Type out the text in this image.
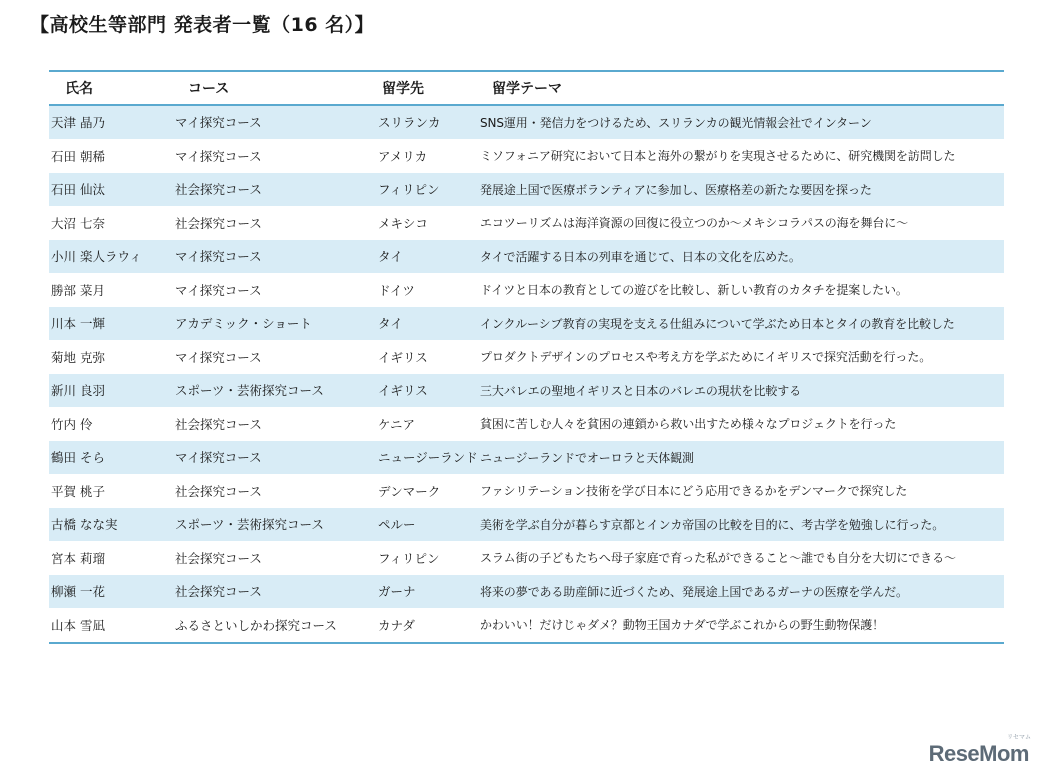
【高校生等部門 発表者一覧（16 名）】
氏名	コース	留学先	留学テーマ
天津 晶乃	マイ探究コース	スリランカ	SNS運用・発信力をつけるため、スリランカの観光情報会社でインターン
石田 朝稀	マイ探究コース	アメリカ	ミソフォニア研究において日本と海外の繋がりを実現させるために、研究機関を訪問した
石田 仙汰	社会探究コース	フィリピン	発展途上国で医療ボランティアに参加し、医療格差の新たな要因を探った
大沼 七奈	社会探究コース	メキシコ	エコツーリズムは海洋資源の回復に役立つのか～メキシコラパスの海を舞台に～
小川 楽人ラウィ	マイ探究コース	タイ	タイで活躍する日本の列車を通じて、日本の文化を広めた。
勝部 菜月	マイ探究コース	ドイツ	ドイツと日本の教育としての遊びを比較し、新しい教育のカタチを提案したい。
川本 一輝	アカデミック・ショート	タイ	インクルーシブ教育の実現を支える仕組みについて学ぶため日本とタイの教育を比較した
菊地 克弥	マイ探究コース	イギリス	プロダクトデザインのプロセスや考え方を学ぶためにイギリスで探究活動を行った。
新川 良羽	スポーツ・芸術探究コース	イギリス	三大バレエの聖地イギリスと日本のバレエの現状を比較する
竹内 伶	社会探究コース	ケニア	貧困に苦しむ人々を貧困の連鎖から救い出すため様々なプロジェクトを行った
鶴田 そら	マイ探究コース	ニュージーランド	ニュージーランドでオーロラと天体観測
平賀 桃子	社会探究コース	デンマーク	ファシリテーション技術を学び日本にどう応用できるかをデンマークで探究した
古橋 なな実	スポーツ・芸術探究コース	ペルー	美術を学ぶ自分が暮らす京都とインカ帝国の比較を目的に、考古学を勉強しに行った。
宮本 莉瑠	社会探究コース	フィリピン	スラム街の子どもたちへ母子家庭で育った私ができること～誰でも自分を大切にできる～
柳瀬 一花	社会探究コース	ガーナ	将来の夢である助産師に近づくため、発展途上国であるガーナの医療を学んだ。
山本 雪凪	ふるさといしかわ探究コース	カナダ	かわいい！だけじゃダメ？動物王国カナダで学ぶこれからの野生動物保護！
リセマム
ReseMom
